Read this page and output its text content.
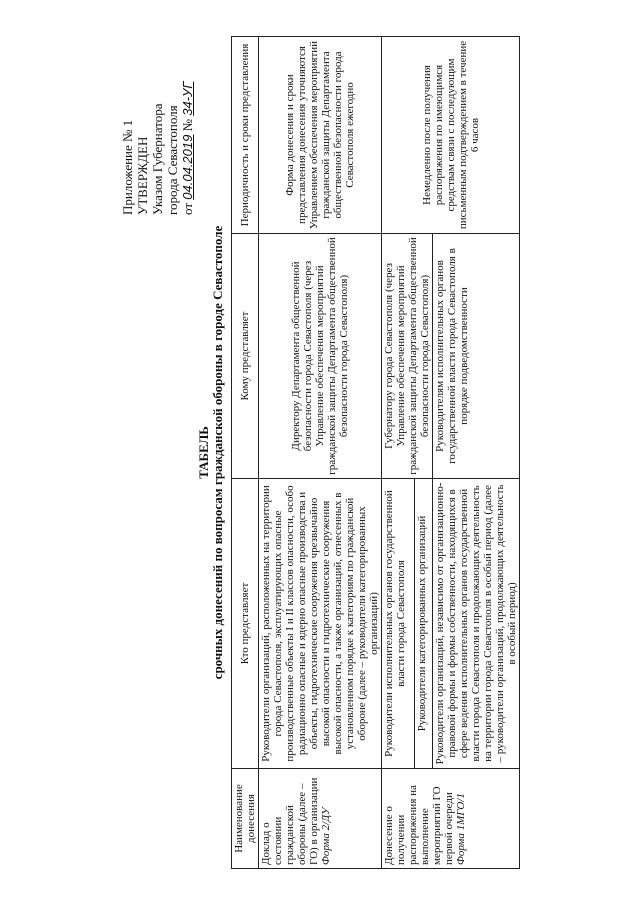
Приложение № 1 УТВЕРЖДЕН Указом Губернатора города Севастополя от 04.04.2019 № 34-УГ
ТАБЕЛЬ срочных донесений по вопросам гражданской обороны в городе Севастополе
Наименование донесения	Кто представляет	Кому представляет	Периодичность и сроки представления

Доклад о состоянии гражданской обороны (далее – ГО) в организации Форма 2/ДУ	Руководители организаций, расположенных на территории города Севастополя, эксплуатирующих опасные производственные объекты I и II классов опасности, особо радиационно опасные и ядерно опасные производства и объекты, гидротехнические сооружения чрезвычайно высокой опасности и гидротехнические сооружения высокой опасности, а также организаций, отнесенных в установленном порядке к категориям по гражданской обороне (далее – руководители категорированных организаций)	Директору Департамента общественной безопасности города Севастополя (через Управление обеспечения мероприятий гражданской защиты Департамента общественной безопасности города Севастополя)	Форма донесения и сроки представления донесения уточняются Управлением обеспечения мероприятий гражданской защиты Департамента общественной безопасности города Севастополя ежегодно

Донесение о получении распоряжения на выполнение мероприятий ГО первой очереди Форма 1МГО/1	Руководители исполнительных органов государственной власти города Севастополя	Губернатору города Севастополя (через Управление обеспечения мероприятий гражданской защиты Департамента общественной безопасности города Севастополя)	Немедленно после получения распоряжения по имеющимся средствам связи с последующим письменным подтверждением в течение 6 часов
	Руководители категорированных организаций		
	Руководители организаций, независимо от организационно-правовой формы и формы собственности, находящихся в сфере ведения исполнительных органов государственной власти города Севастополя и продолжающих деятельность на территории города Севастополя в особый период (далее – руководители организаций, продолжающих деятельность в особый период)	Руководителям исполнительных органов государственной власти города Севастополя в порядке подведомственности	
